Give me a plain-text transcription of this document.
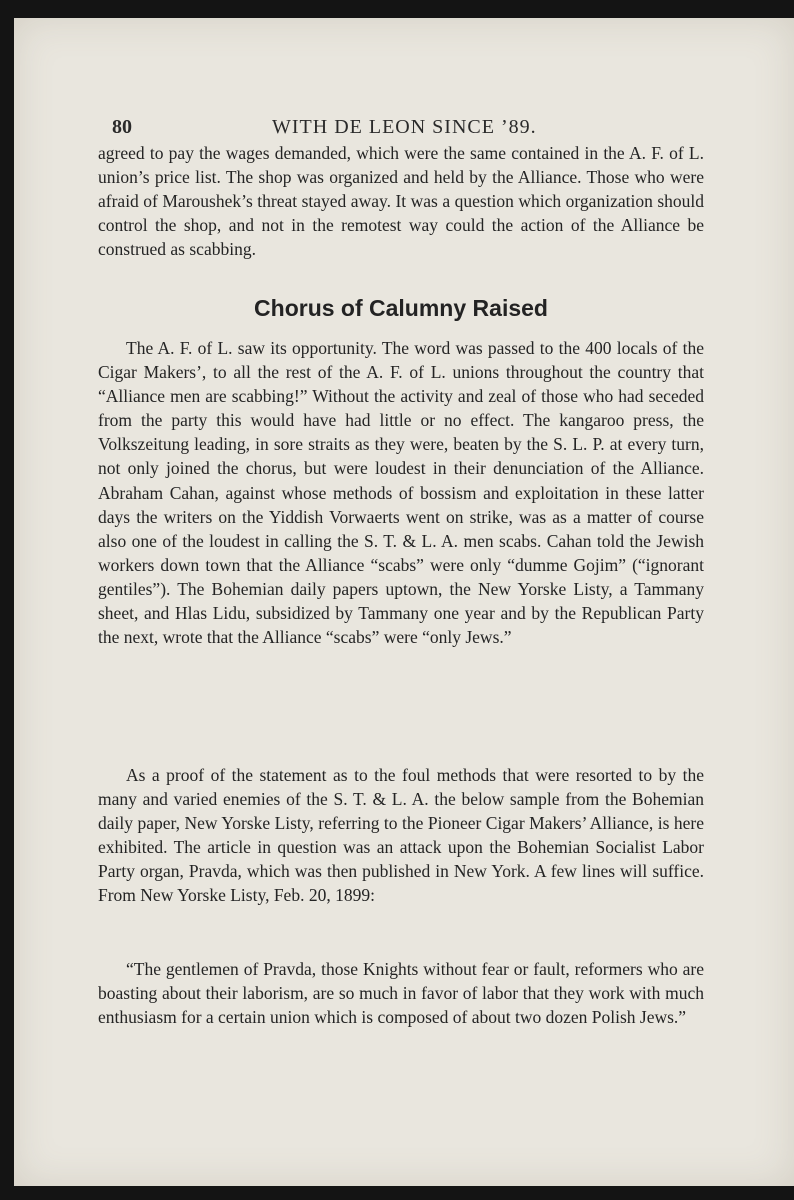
80	WITH DE LEON SINCE ’89.
agreed to pay the wages demanded, which were the same contained in the A. F. of L. union’s price list. The shop was organized and held by the Alliance. Those who were afraid of Maroushek’s threat stayed away. It was a question which organization should control the shop, and not in the remotest way could the action of the Alliance be construed as scabbing.
Chorus of Calumny Raised
The A. F. of L. saw its opportunity. The word was passed to the 400 locals of the Cigar Makers’, to all the rest of the A. F. of L. unions throughout the country that “Alliance men are scabbing!” Without the activity and zeal of those who had seceded from the party this would have had little or no effect. The kangaroo press, the Volkszeitung leading, in sore straits as they were, beaten by the S. L. P. at every turn, not only joined the chorus, but were loudest in their denunciation of the Alliance. Abraham Cahan, against whose methods of bossism and exploitation in these latter days the writers on the Yiddish Vorwaerts went on strike, was as a matter of course also one of the loudest in calling the S. T. & L. A. men scabs. Cahan told the Jewish workers down town that the Alliance “scabs” were only “dumme Gojim” (“ignorant gentiles”). The Bohemian daily papers uptown, the New Yorske Listy, a Tammany sheet, and Hlas Lidu, subsidized by Tammany one year and by the Republican Party the next, wrote that the Alliance “scabs” were “only Jews.”
As a proof of the statement as to the foul methods that were resorted to by the many and varied enemies of the S. T. & L. A. the below sample from the Bohemian daily paper, New Yorske Listy, referring to the Pioneer Cigar Makers’ Alliance, is here exhibited. The article in question was an attack upon the Bohemian Socialist Labor Party organ, Pravda, which was then published in New York. A few lines will suffice. From New Yorske Listy, Feb. 20, 1899:
“The gentlemen of Pravda, those Knights without fear or fault, reformers who are boasting about their laborism, are so much in favor of labor that they work with much enthusiasm for a certain union which is composed of about two dozen Polish Jews.”
